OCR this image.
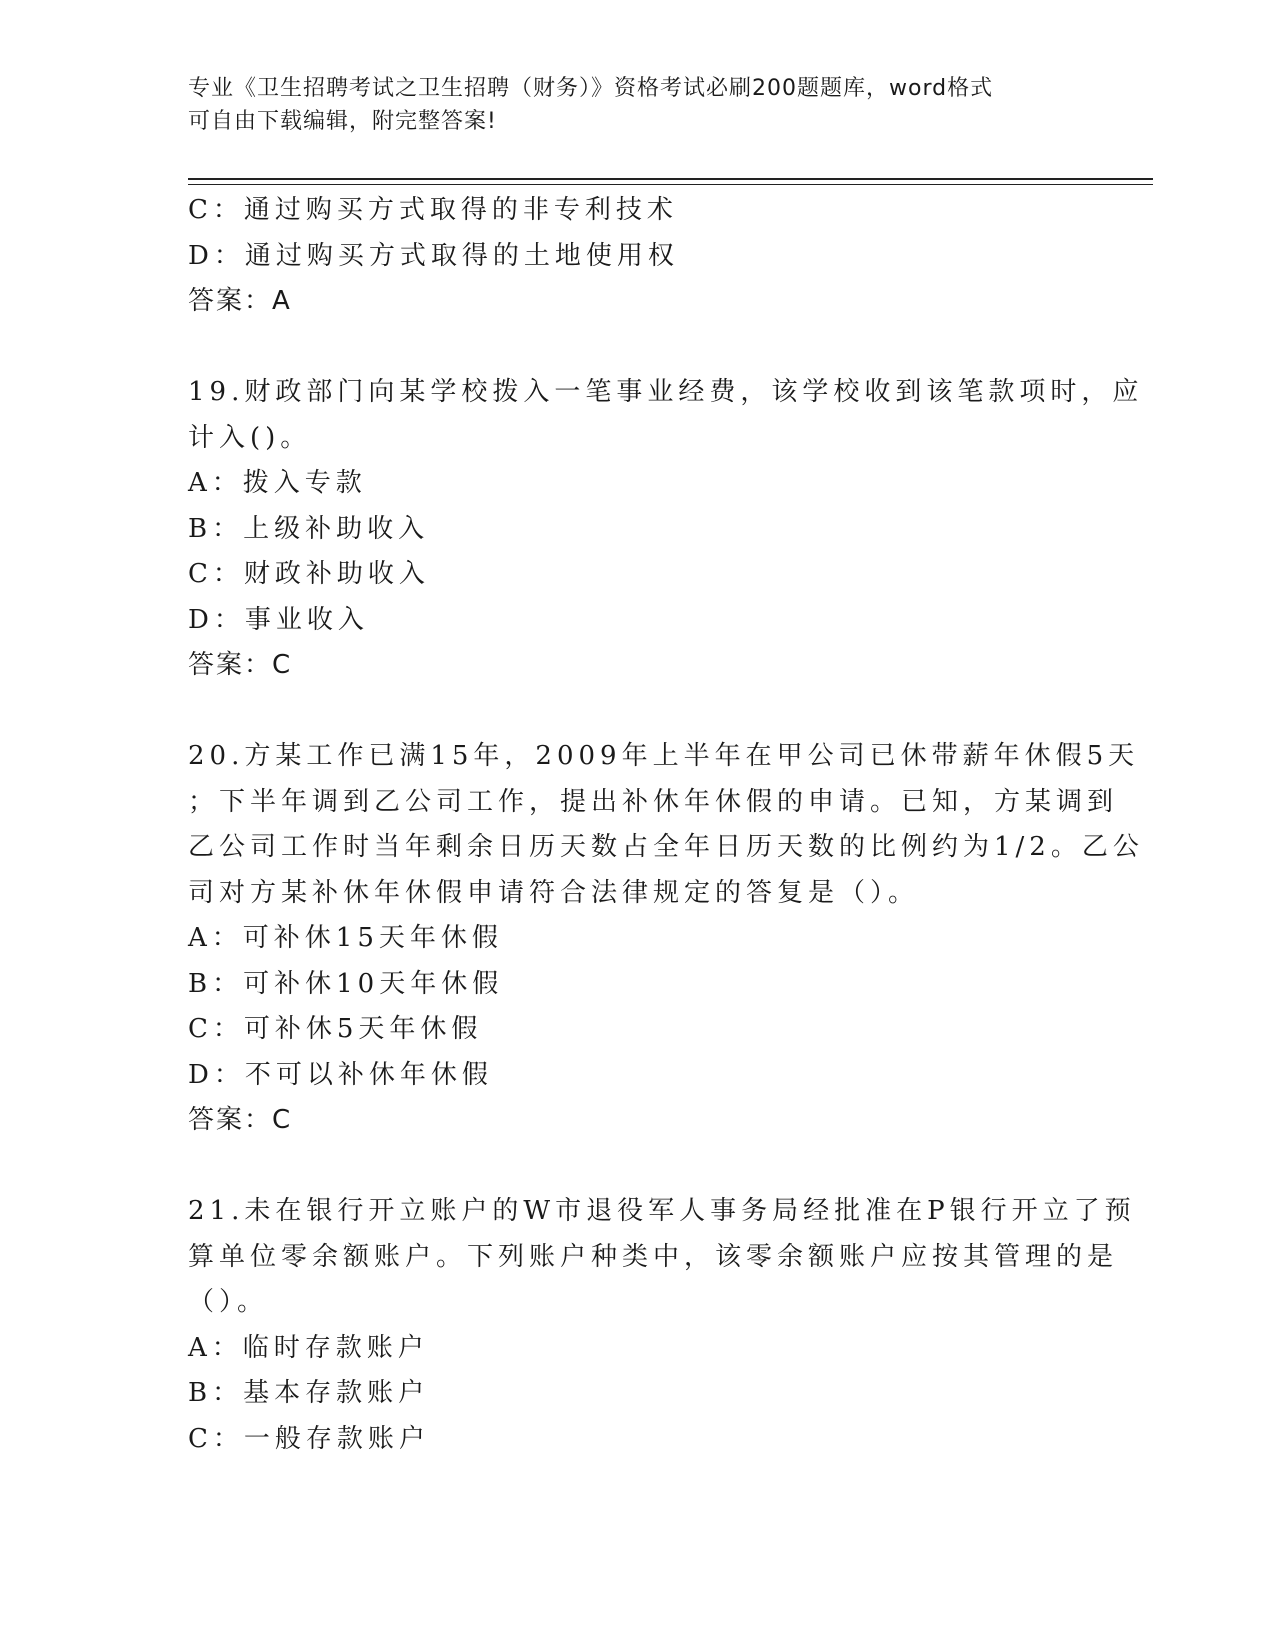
专业《卫生招聘考试之卫生招聘（财务）》资格考试必刷200题题库，word格式
可自由下载编辑，附完整答案!
C：通过购买方式取得的非专利技术
D：通过购买方式取得的土地使用权
答案：A
19.财政部门向某学校拨入一笔事业经费，该学校收到该笔款项时，应
计入()。
A：拨入专款
B：上级补助收入
C：财政补助收入
D：事业收入
答案：C
20.方某工作已满15年，2009年上半年在甲公司已休带薪年休假5天
；下半年调到乙公司工作，提出补休年休假的申请。已知，方某调到
乙公司工作时当年剩余日历天数占全年日历天数的比例约为1/2。乙公
司对方某补休年休假申请符合法律规定的答复是（）。
A：可补休15天年休假
B：可补休10天年休假
C：可补休5天年休假
D：不可以补休年休假
答案：C
21.未在银行开立账户的W市退役军人事务局经批准在P银行开立了预
算单位零余额账户。下列账户种类中，该零余额账户应按其管理的是
（）。
A：临时存款账户
B：基本存款账户
C：一般存款账户
